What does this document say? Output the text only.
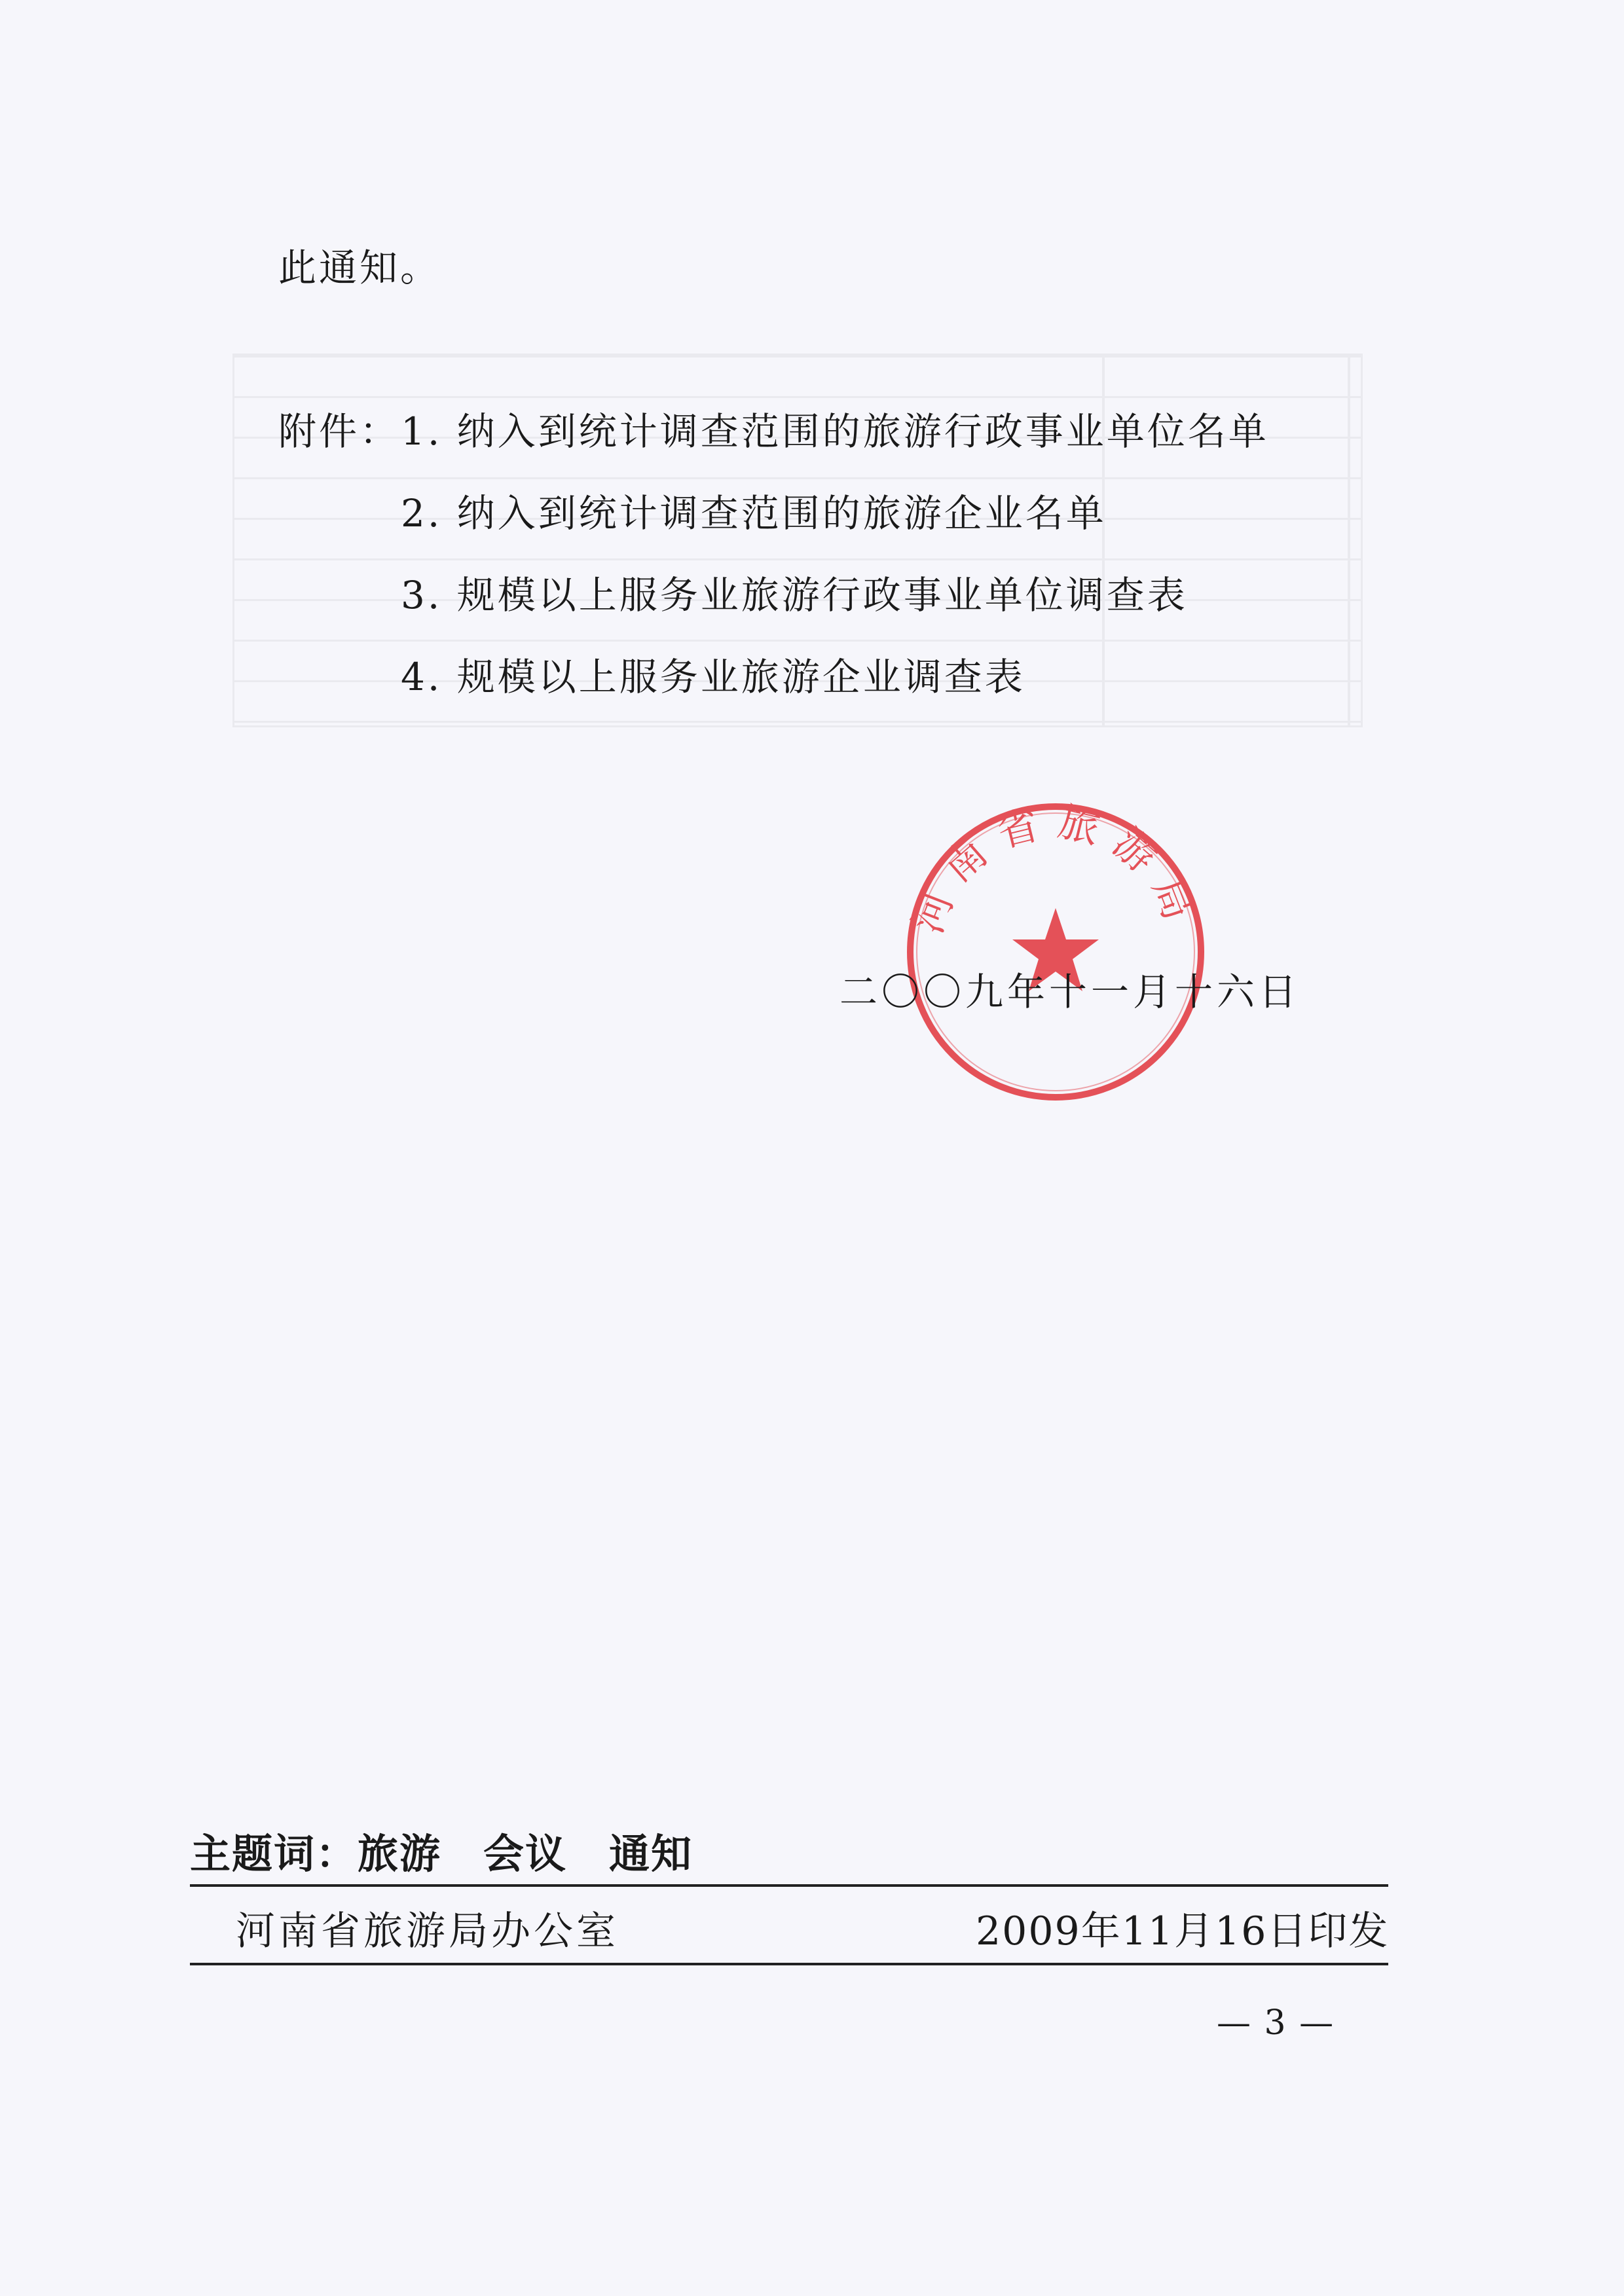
此通知。
附件： 1. 纳入到统计调查范围的旅游行政事业单位名单
2. 纳入到统计调查范围的旅游企业名单
3. 规模以上服务业旅游行政事业单位调查表
4. 规模以上服务业旅游企业调查表
河南省旅游局
二〇〇九年十一月十六日
主题词：旅游　会议　通知
河南省旅游局办公室	2009年11月16日印发
— 3 —
